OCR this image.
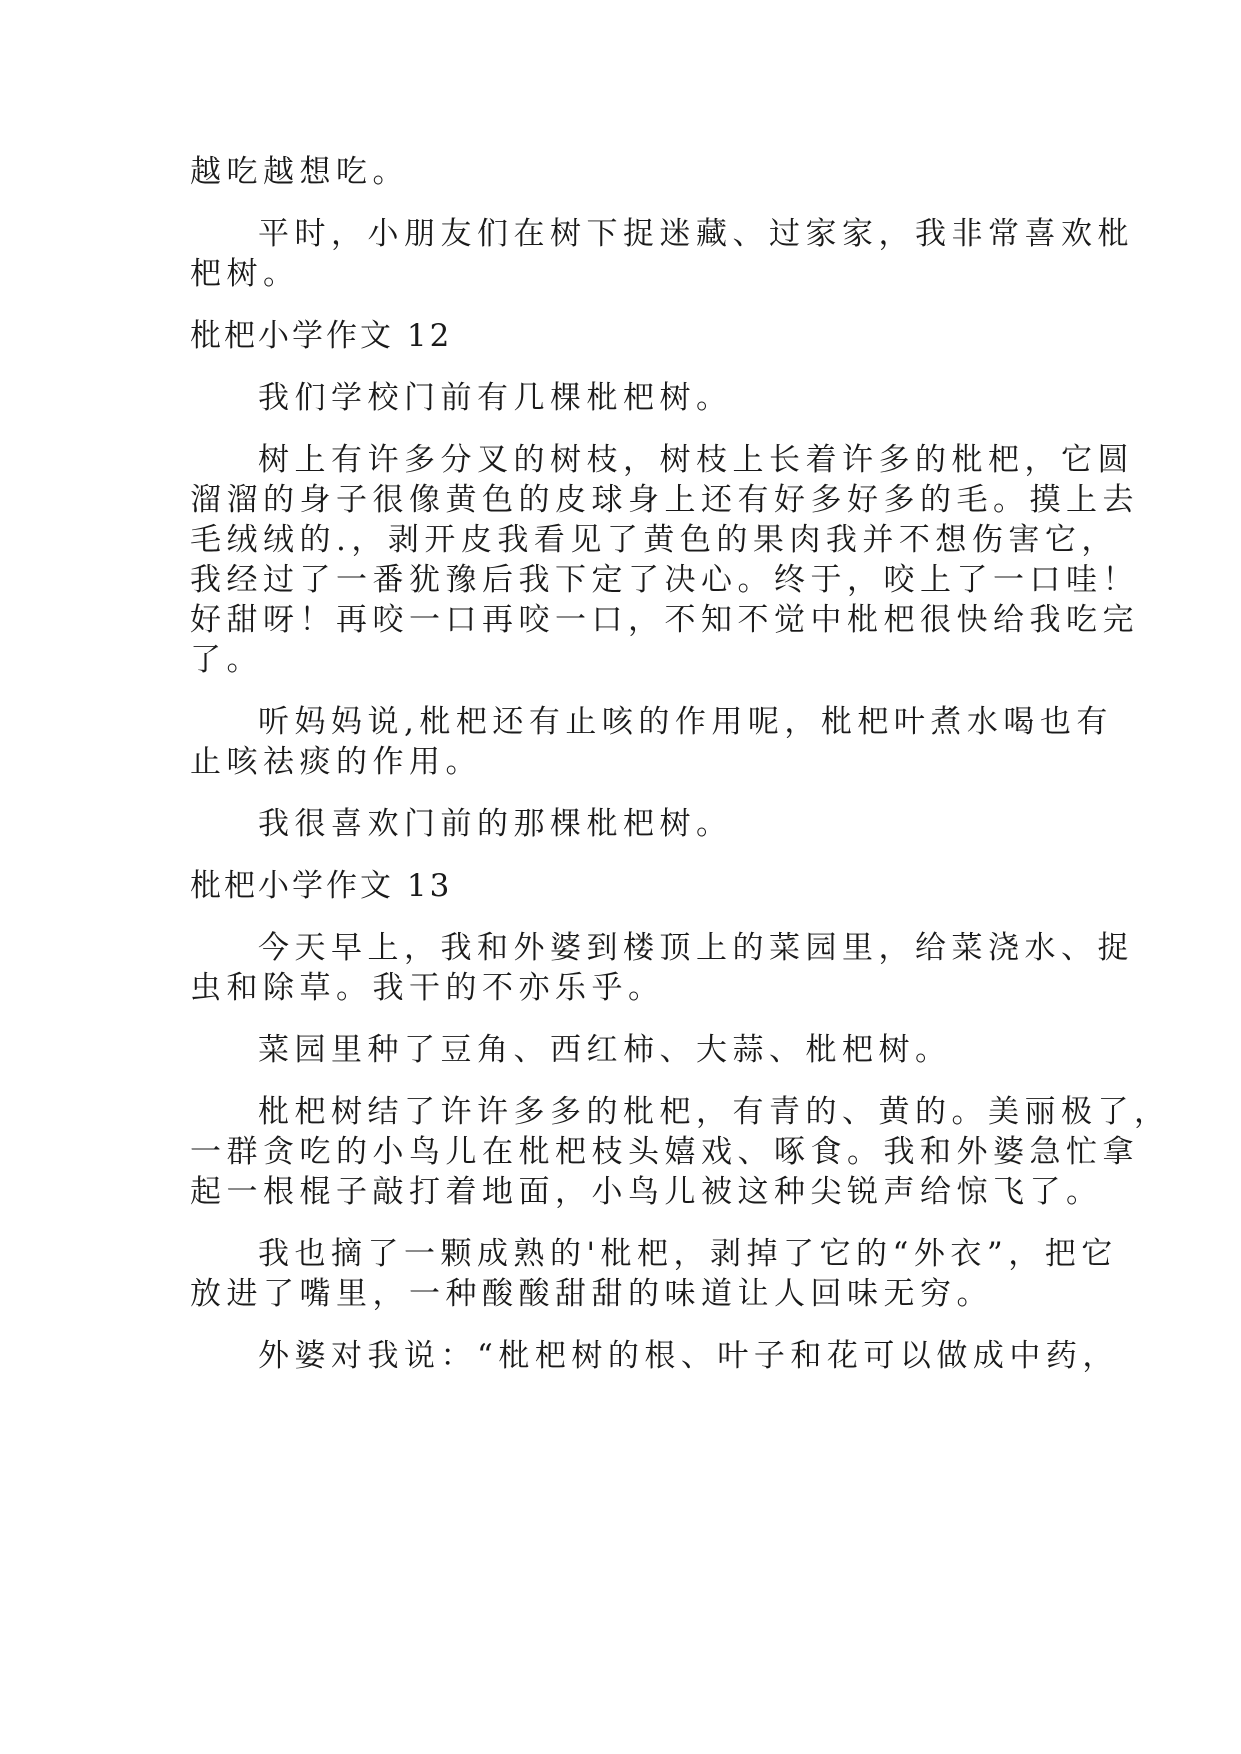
越吃越想吃。
平时，小朋友们在树下捉迷藏、过家家，我非常喜欢枇
杷树。
枇杷小学作文 12
我们学校门前有几棵枇杷树。
树上有许多分叉的树枝，树枝上长着许多的枇杷，它圆
溜溜的身子很像黄色的皮球身上还有好多好多的毛。摸上去
毛绒绒的.，剥开皮我看见了黄色的果肉我并不想伤害它，
我经过了一番犹豫后我下定了决心。终于，咬上了一口哇！
好甜呀！再咬一口再咬一口，不知不觉中枇杷很快给我吃完
了。
听妈妈说,枇杷还有止咳的作用呢，枇杷叶煮水喝也有
止咳祛痰的作用。
我很喜欢门前的那棵枇杷树。
枇杷小学作文 13
今天早上，我和外婆到楼顶上的菜园里，给菜浇水、捉
虫和除草。我干的不亦乐乎。
菜园里种了豆角、西红柿、大蒜、枇杷树。
枇杷树结了许许多多的枇杷，有青的、黄的。美丽极了，
一群贪吃的小鸟儿在枇杷枝头嬉戏、啄食。我和外婆急忙拿
起一根棍子敲打着地面，小鸟儿被这种尖锐声给惊飞了。
我也摘了一颗成熟的'枇杷，剥掉了它的“外衣”，把它
放进了嘴里，一种酸酸甜甜的味道让人回味无穷。
外婆对我说：“枇杷树的根、叶子和花可以做成中药，
